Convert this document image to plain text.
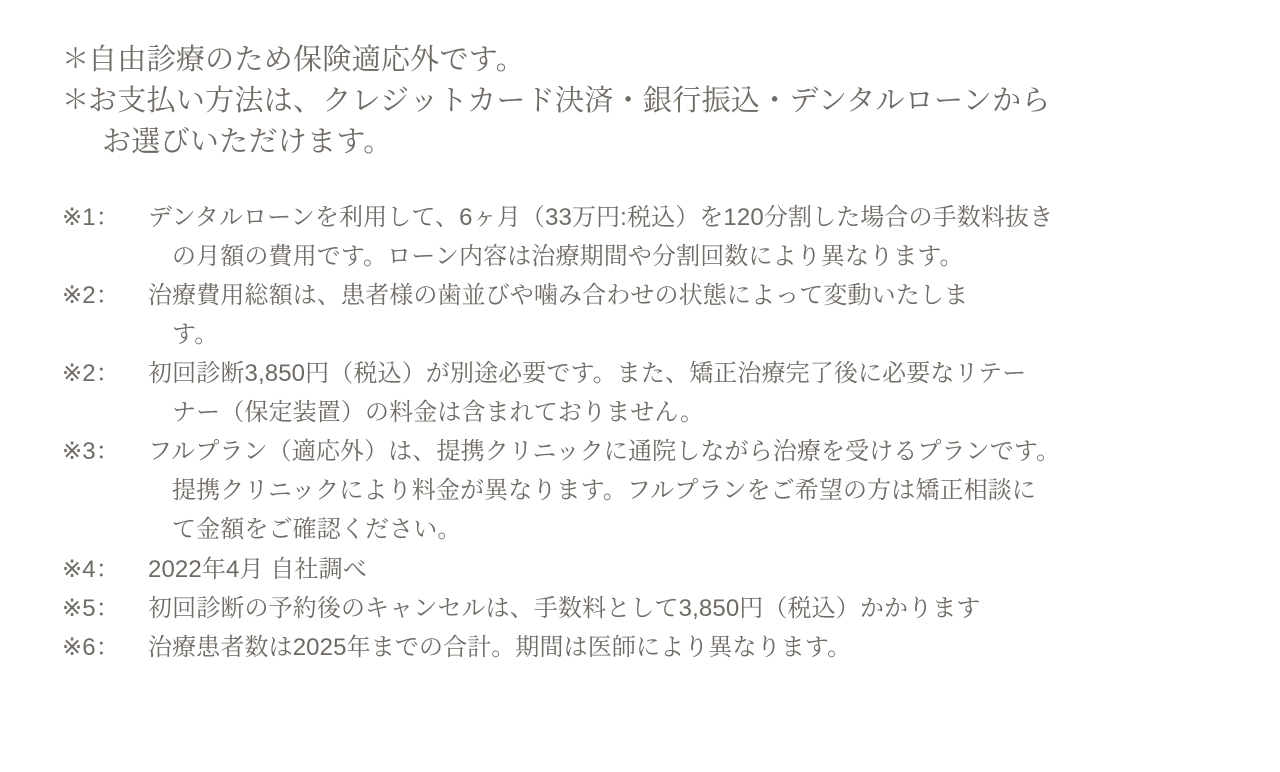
＊
自由診療のため保険適応外です。
＊
お支払い方法は、クレジットカード決済・銀行振込・デンタルローンから
お選びいただけます。
※1：	デンタルローンを利用して、6ヶ月（33万円:税込）を120分割した場合の手数料抜き
の月額の費用です。ローン内容は治療期間や分割回数により異なります。
※2：	治療費用総額は、患者様の歯並びや噛み合わせの状態によって変動いたしま
す。
※2：	初回診断3,850円（税込）が別途必要です。また、矯正治療完了後に必要なリテー
ナー（保定装置）の料金は含まれておりません。
※3：	フルプラン（適応外）は、提携クリニックに通院しながら治療を受けるプランです。
提携クリニックにより料金が異なります。フルプランをご希望の方は矯正相談に
て金額をご確認ください。
※4：	2022年4月 自社調べ
※5：	初回診断の予約後のキャンセルは、手数料として3,850円（税込）かかります
※6：	治療患者数は2025年までの合計。期間は医師により異なります。
